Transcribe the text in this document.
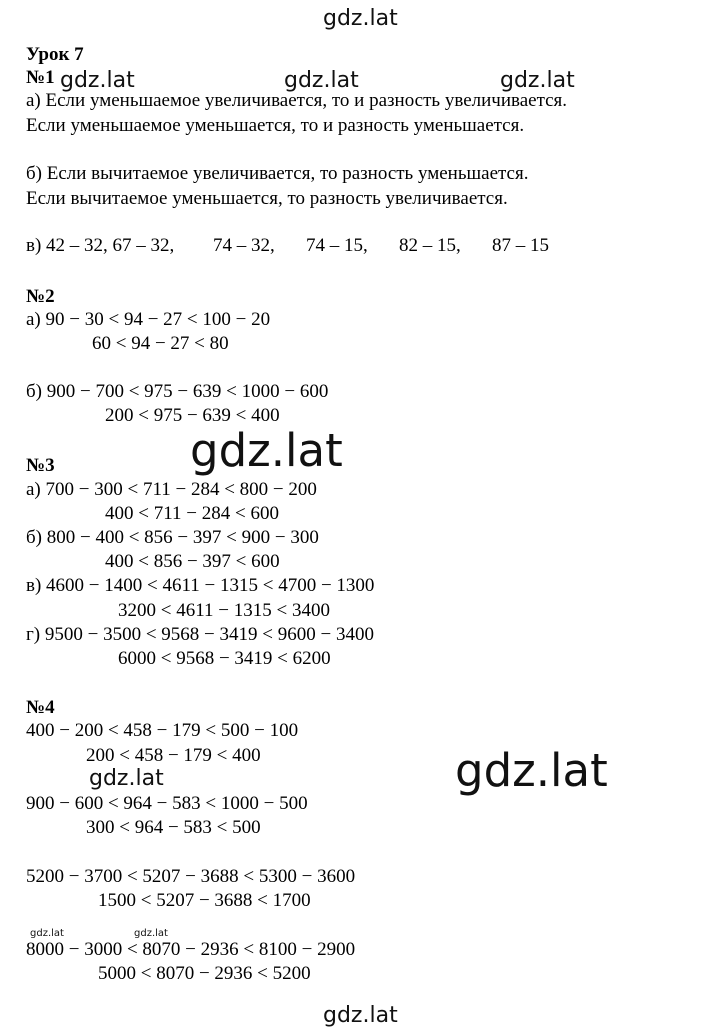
gdz.lat
gdz.lat	gdz.lat	gdz.lat
gdz.lat
gdz.lat
gdz.lat
gdz.lat	gdz.lat
gdz.lat
Урок 7
№1
а) Если уменьшаемое увеличивается, то и разность увеличивается.
Если уменьшаемое уменьшается, то и разность уменьшается.
б) Если вычитаемое увеличивается, то разность уменьшается.
Если вычитаемое уменьшается, то разность увеличивается.
в) 42 – 32, 67 – 32, 74 – 32, 74 – 15, 82 – 15, 87 – 15
№2
а) 90 − 30 < 94 − 27 < 100 − 20
60 < 94 − 27 < 80
б) 900 − 700 < 975 − 639 < 1000 − 600
200 < 975 − 639 < 400
№3
а) 700 − 300 < 711 − 284 < 800 − 200
400 < 711 − 284 < 600
б) 800 − 400 < 856 − 397 < 900 − 300
400 < 856 − 397 < 600
в) 4600 − 1400 < 4611 − 1315 < 4700 − 1300
3200 < 4611 − 1315 < 3400
г) 9500 − 3500 < 9568 − 3419 < 9600 − 3400
6000 < 9568 − 3419 < 6200
№4
400 − 200 < 458 − 179 < 500 − 100
200 < 458 − 179 < 400
900 − 600 < 964 − 583 < 1000 − 500
300 < 964 − 583 < 500
5200 − 3700 < 5207 − 3688 < 5300 − 3600
1500 < 5207 − 3688 < 1700
8000 − 3000 < 8070 − 2936 < 8100 − 2900
5000 < 8070 − 2936 < 5200
